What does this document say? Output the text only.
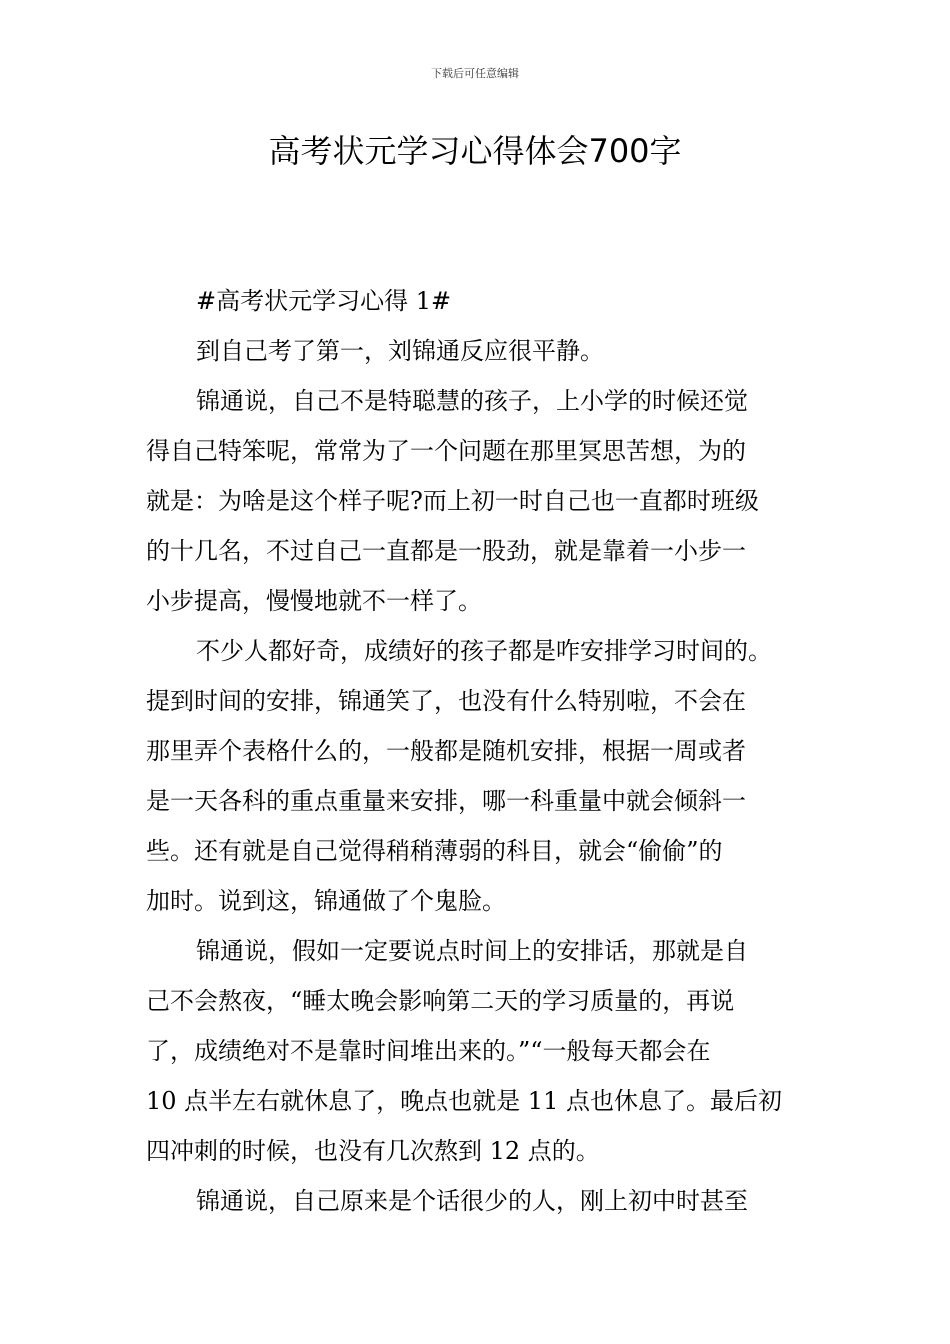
下载后可任意编辑
高考状元学习心得体会700字

#高考状元学习心得 1#

到自己考了第一，刘锦通反应很平静。

锦通说，自己不是特聪慧的孩子，上小学的时候还觉
得自己特笨呢，常常为了一个问题在那里冥思苦想，为的
就是：为啥是这个样子呢?而上初一时自己也一直都时班级
的十几名，不过自己一直都是一股劲，就是靠着一小步一
小步提高，慢慢地就不一样了。

不少人都好奇，成绩好的孩子都是咋安排学习时间的。
提到时间的安排，锦通笑了，也没有什么特别啦，不会在
那里弄个表格什么的，一般都是随机安排，根据一周或者
是一天各科的重点重量来安排，哪一科重量中就会倾斜一
些。还有就是自己觉得稍稍薄弱的科目，就会“偷偷”的
加时。说到这，锦通做了个鬼脸。

锦通说，假如一定要说点时间上的安排话，那就是自
己不会熬夜，“睡太晚会影响第二天的学习质量的，再说
了，成绩绝对不是靠时间堆出来的。”“一般每天都会在
10 点半左右就休息了，晚点也就是 11 点也休息了。最后初
四冲刺的时候，也没有几次熬到 12 点的。

锦通说，自己原来是个话很少的人，刚上初中时甚至
